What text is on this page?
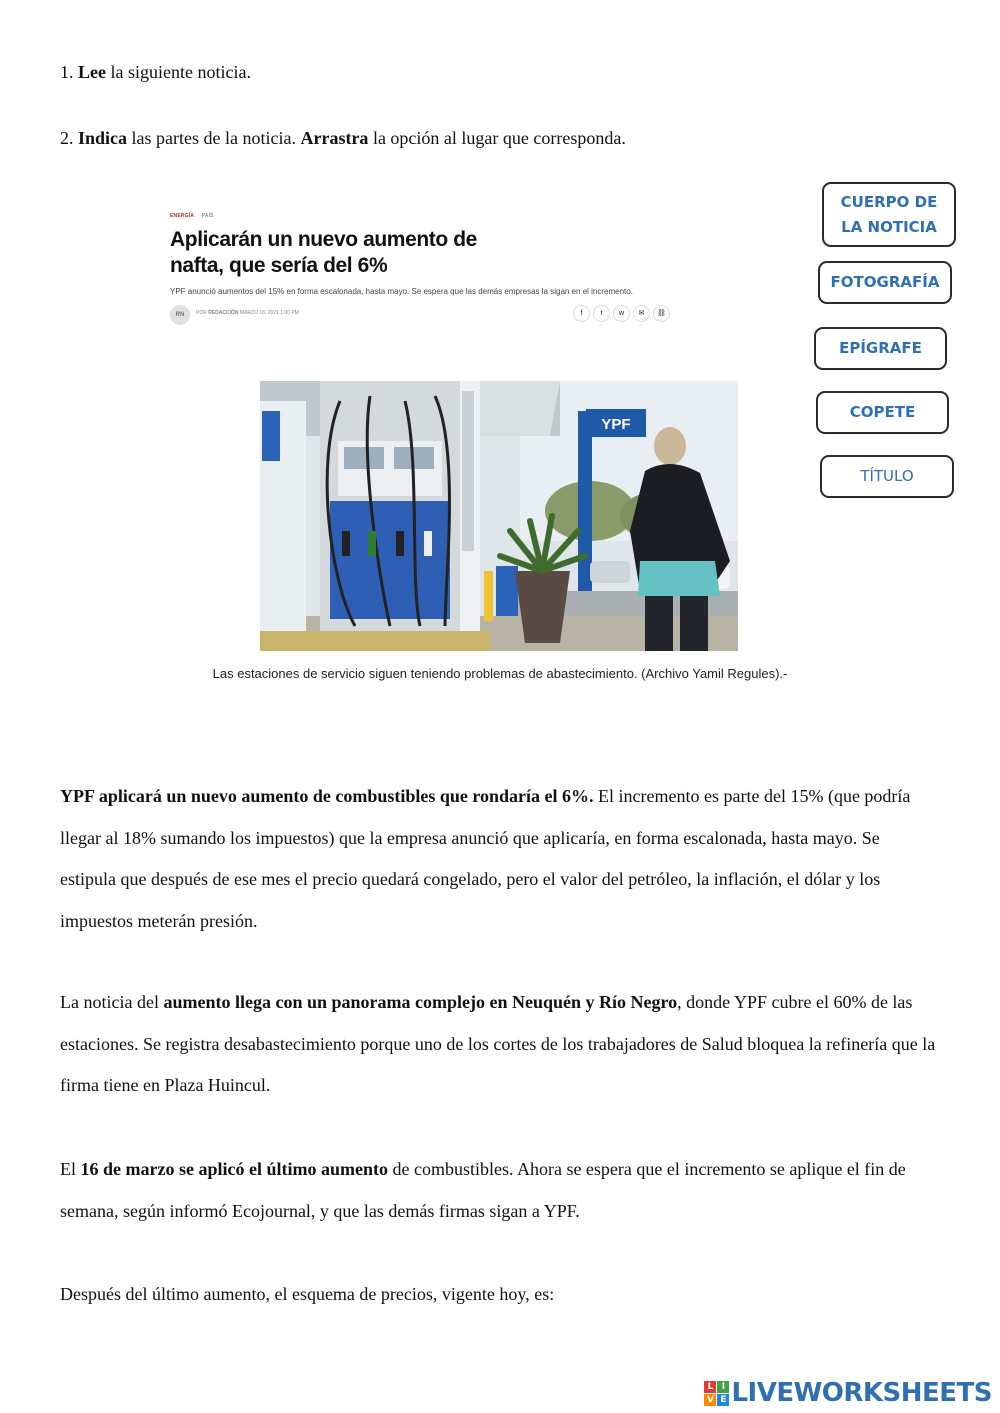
1. Lee la siguiente noticia.
2. Indica las partes de la noticia. Arrastra la opción al lugar que corresponda.
ENERGÍA PAÍS
Aplicarán un nuevo aumento de nafta, que sería del 6%
YPF anunció aumentos del 15% en forma escalonada, hasta mayo. Se espera que las demás empresas la sigan en el incremento.
RN	POR REDACCIÓN MARZO 18, 2021 1:00 PM	f	t	w	✉	⛓
YPF
Las estaciones de servicio siguen teniendo problemas de abastecimiento. (Archivo Yamil Regules).-
CUERPO DE
LA NOTICIA
FOTOGRAFÍA
EPÍGRAFE
COPETE
TÍTULO
YPF aplicará un nuevo aumento de combustibles que rondaría el 6%. El incremento es parte del 15% (que podría llegar al 18% sumando los impuestos) que la empresa anunció que aplicaría, en forma escalonada, hasta mayo. Se estipula que después de ese mes el precio quedará congelado, pero el valor del petróleo, la inflación, el dólar y los impuestos meterán presión.
La noticia del aumento llega con un panorama complejo en Neuquén y Río Negro, donde YPF cubre el 60% de las estaciones. Se registra desabastecimiento porque uno de los cortes de los trabajadores de Salud bloquea la refinería que la firma tiene en Plaza Huincul.
El 16 de marzo se aplicó el último aumento de combustibles. Ahora se espera que el incremento se aplique el fin de semana, según informó Ecojournal, y que las demás firmas sigan a YPF.
Después del último aumento, el esquema de precios, vigente hoy, es:
L I
V E LIVEWORKSHEETS
